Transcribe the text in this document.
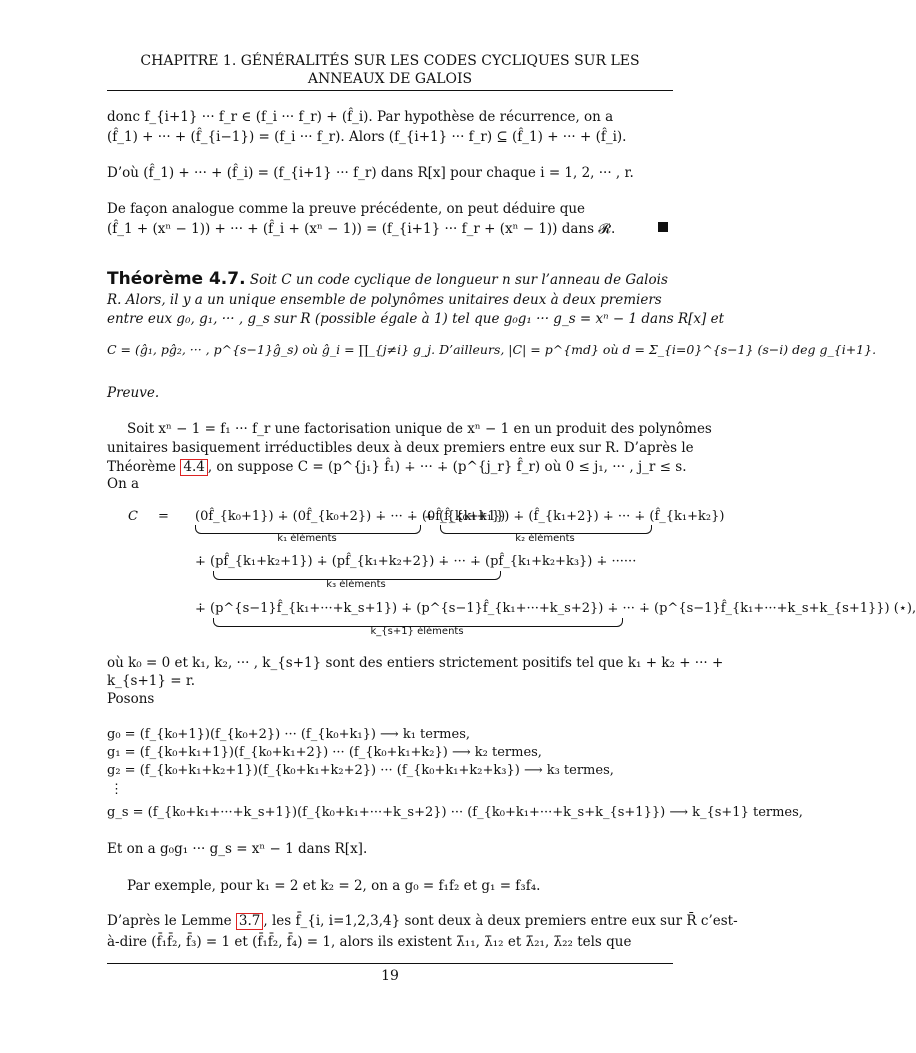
CHAPITRE 1. GÉNÉRALITÉS SUR LES CODES CYCLIQUES SUR LES
ANNEAUX DE GALOIS
donc f_{i+1} ··· f_r ∈ (f_i ··· f_r) + (f̂_i). Par hypothèse de récurrence, on a
(f̂_1) + ··· + (f̂_{i−1}) = (f_i ··· f_r). Alors (f_{i+1} ··· f_r) ⊆ (f̂_1) + ··· + (f̂_i).
D’où (f̂_1) + ··· + (f̂_i) = (f_{i+1} ··· f_r) dans R[x] pour chaque i = 1, 2, ··· , r.
De façon analogue comme la preuve précédente, on peut déduire que
(f̂_1 + (xⁿ − 1)) + ··· + (f̂_i + (xⁿ − 1)) = (f_{i+1} ··· f_r + (xⁿ − 1)) dans 𝓡.
Théorème 4.7. Soit C un code cyclique de longueur n sur l’anneau de Galois
R. Alors, il y a un unique ensemble de polynômes unitaires deux à deux premiers
entre eux g₀, g₁, ··· , g_s sur R (possible égale à 1) tel que g₀g₁ ··· g_s = xⁿ − 1 dans R[x] et
C = (ĝ₁, pĝ₂, ··· , p^{s−1}ĝ_s) où ĝ_i = ∏_{j≠i} g_j. D’ailleurs, |C| = p^{md} où d = Σ_{i=0}^{s−1} (s−i) deg g_{i+1}.
Preuve.
Soit xⁿ − 1 = f₁ ··· f_r une factorisation unique de xⁿ − 1 en un produit des polynômes
unitaires basiquement irréductibles deux à deux premiers entre eux sur R. D’après le
Théorème 4.4 , on suppose C = (p^{j₁} f̂₁) ∔ ··· ∔ (p^{j_r} f̂_r) où 0 ≤ j₁, ··· , j_r ≤ s.
On a
C = (0f̂_{k₀+1}) ∔ (0f̂_{k₀+2}) ∔ ··· ∔ (0f̂_{k₀+k₁})
∔ (f̂_{k₁+1}) ∔ (f̂_{k₁+2}) ∔ ··· ∔ (f̂_{k₁+k₂})
k₁ éléments	k₂ éléments
∔ (pf̂_{k₁+k₂+1}) ∔ (pf̂_{k₁+k₂+2}) ∔ ··· ∔ (pf̂_{k₁+k₂+k₃}) ∔ ······
k₃ éléments
∔ (p^{s−1}f̂_{k₁+···+k_s+1}) ∔ (p^{s−1}f̂_{k₁+···+k_s+2}) ∔ ··· ∔ (p^{s−1}f̂_{k₁+···+k_s+k_{s+1}}) (⋆),
k_{s+1} éléments
où k₀ = 0 et k₁, k₂, ··· , k_{s+1} sont des entiers strictement positifs tel que k₁ + k₂ + ··· +
k_{s+1} = r.
Posons
g₀ = (f_{k₀+1})(f_{k₀+2}) ··· (f_{k₀+k₁}) ⟶ k₁ termes,
g₁ = (f_{k₀+k₁+1})(f_{k₀+k₁+2}) ··· (f_{k₀+k₁+k₂}) ⟶ k₂ termes,
g₂ = (f_{k₀+k₁+k₂+1})(f_{k₀+k₁+k₂+2}) ··· (f_{k₀+k₁+k₂+k₃}) ⟶ k₃ termes,
⋮
g_s = (f_{k₀+k₁+···+k_s+1})(f_{k₀+k₁+···+k_s+2}) ··· (f_{k₀+k₁+···+k_s+k_{s+1}}) ⟶ k_{s+1} termes,
Et on a g₀g₁ ··· g_s = xⁿ − 1 dans R[x].
Par exemple, pour k₁ = 2 et k₂ = 2, on a g₀ = f₁f₂ et g₁ = f₃f₄.
D’après le Lemme 3.7 , les f̄_{i, i=1,2,3,4} sont deux à deux premiers entre eux sur R̄ c’est-
à-dire (f̄₁f̄₂, f̄₃) = 1 et (f̄₁f̄₂, f̄₄) = 1, alors ils existent λ̄₁₁, λ̄₁₂ et λ̄₂₁, λ̄₂₂ tels que
19
